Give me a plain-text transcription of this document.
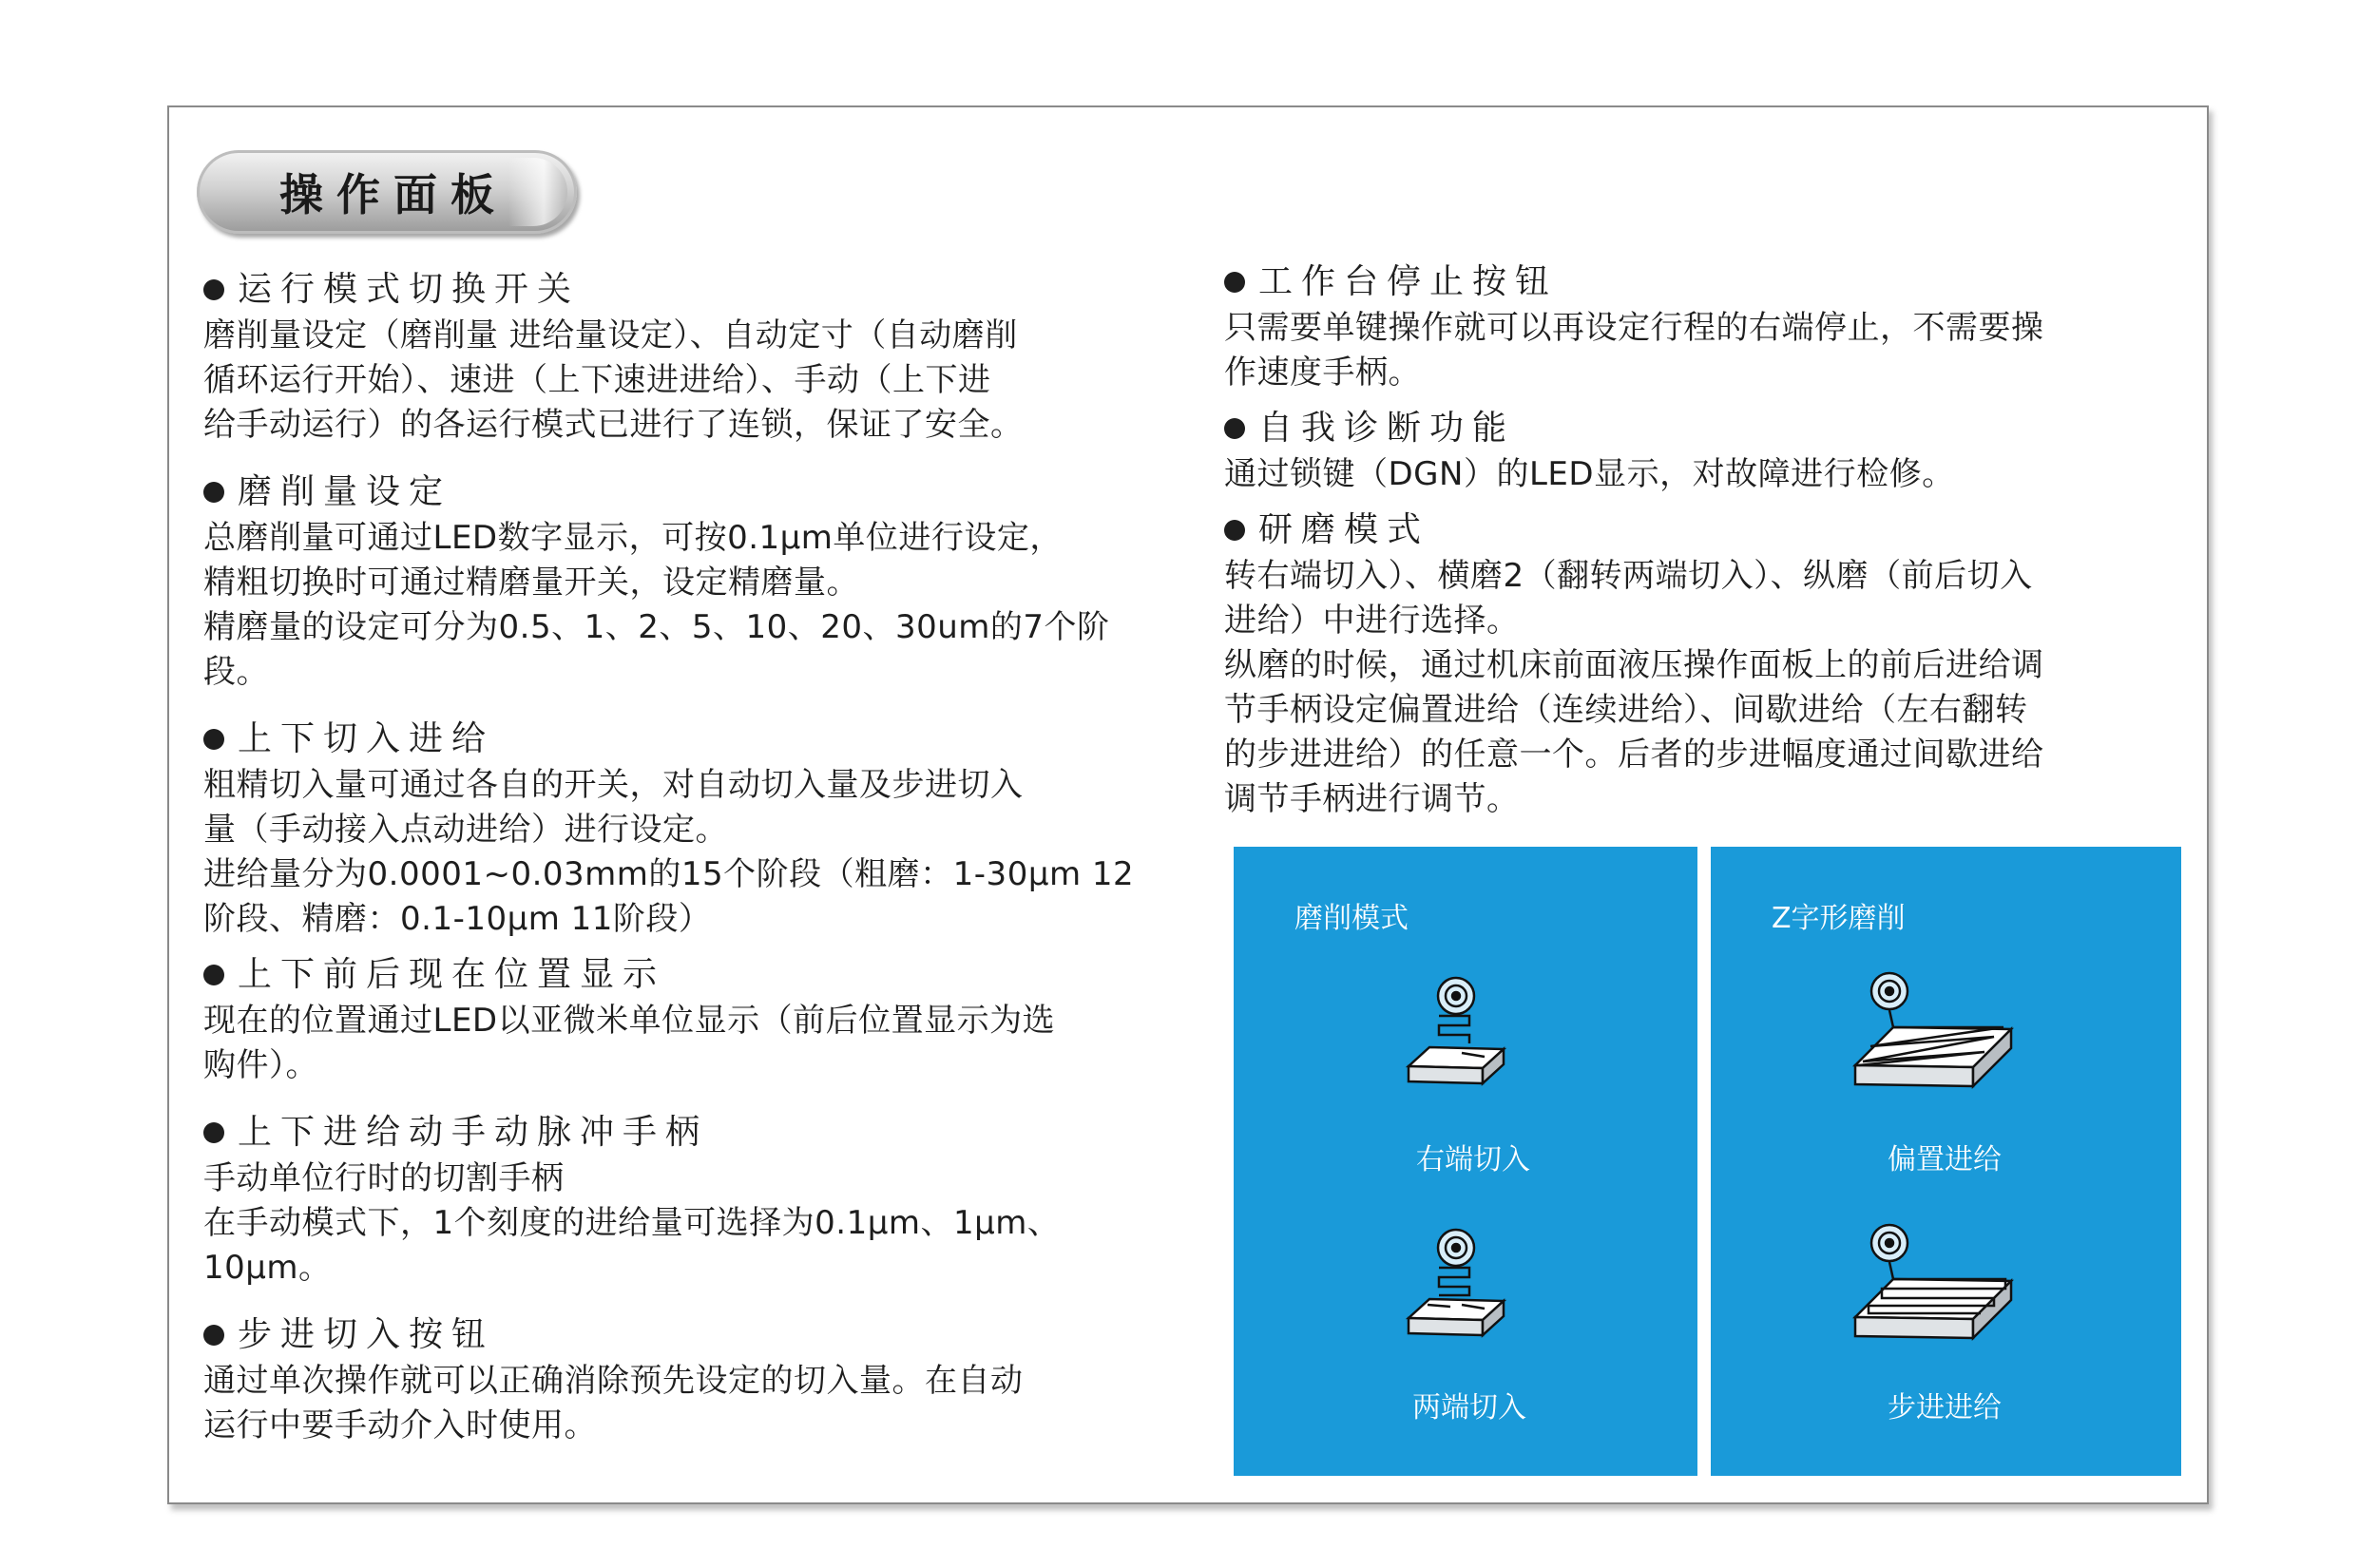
操作面板
运行模式切换开关

磨削量设定（磨削量 进给量设定）、自动定寸（自动磨削

循环运行开始）、速进（上下速进进给）、手动（上下进

给手动运行）的各运行模式已进行了连锁，保证了安全。

磨削量设定

总磨削量可通过LED数字显示，可按0.1μm单位进行设定，

精粗切换时可通过精磨量开关，设定精磨量。

精磨量的设定可分为0.5、1、2、5、10、20、30um的7个阶

段。

上下切入进给

粗精切入量可通过各自的开关，对自动切入量及步进切入

量（手动接入点动进给）进行设定。

进给量分为0.0001~0.03mm的15个阶段（粗磨：1-30μm 12

阶段、精磨：0.1-10μm 11阶段）

上下前后现在位置显示

现在的位置通过LED以亚微米单位显示（前后位置显示为选

购件）。

上下进给动手动脉冲手柄

手动单位行时的切割手柄

在手动模式下，1个刻度的进给量可选择为0.1μm、1μm、

10μm。

步进切入按钮

通过单次操作就可以正确消除预先设定的切入量。在自动

运行中要手动介入时使用。

工作台停止按钮

只需要单键操作就可以再设定行程的右端停止，不需要操

作速度手柄。

自我诊断功能

通过锁键（DGN）的LED显示，对故障进行检修。

研磨模式

转右端切入）、横磨2（翻转两端切入）、纵磨（前后切入

进给）中进行选择。

纵磨的时候，通过机床前面液压操作面板上的前后进给调

节手柄设定偏置进给（连续进给）、间歇进给（左右翻转

的步进进给）的任意一个。后者的步进幅度通过间歇进给

调节手柄进行调节。

磨削模式
右端切入
两端切入
Z字形磨削
偏置进给
步进进给
